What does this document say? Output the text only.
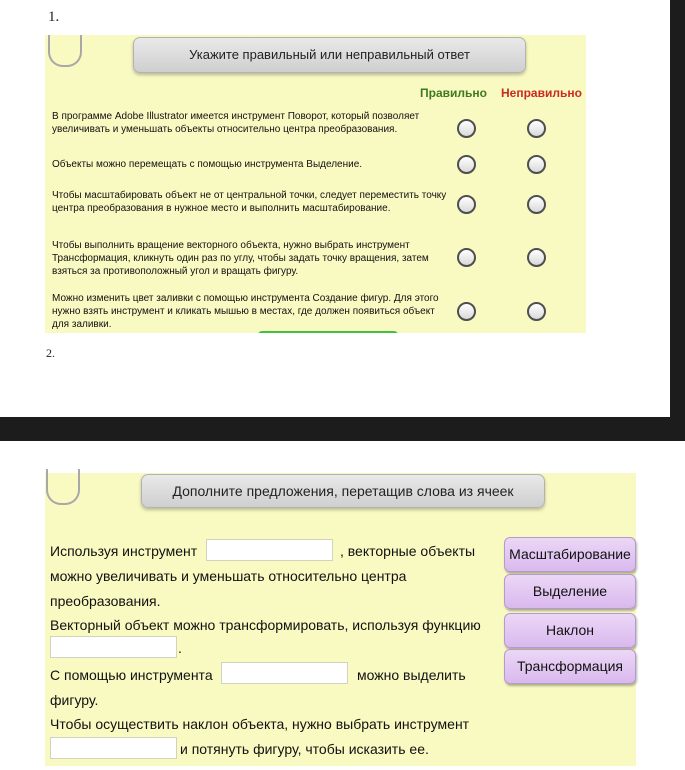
1.
Укажите правильный или неправильный ответ
Правильно Неправильно
В программе Adobe Illustrator имеется инструмент Поворот, который позволяет увеличивать и уменьшать объекты относительно центра преобразования.
Объекты можно перемещать с помощью инструмента Выделение.
Чтобы масштабировать объект не от центральной точки, следует переместить точку центра преобразования в нужное место и выполнить масштабирование.
Чтобы выполнить вращение векторного объекта, нужно выбрать инструмент Трансформация, кликнуть один раз по углу, чтобы задать точку вращения, затем взяться за противоположный угол и вращать фигуру.
Можно изменить цвет заливки с помощью инструмента Создание фигур. Для этого нужно взять инструмент и кликать мышью в местах, где должен появиться объект для заливки.
2.
Дополните предложения, перетащив слова из ячеек
Используя инструмент	, векторные объекты
можно увеличивать и уменьшать относительно центра
преобразования.
Векторный объект можно трансформировать, используя функцию
.
С помощью инструмента	можно выделить
фигуру.
Чтобы осуществить наклон объекта, нужно выбрать инструмент
и потянуть фигуру, чтобы исказить ее.
Масштабирование
Выделение
Наклон
Трансформация
